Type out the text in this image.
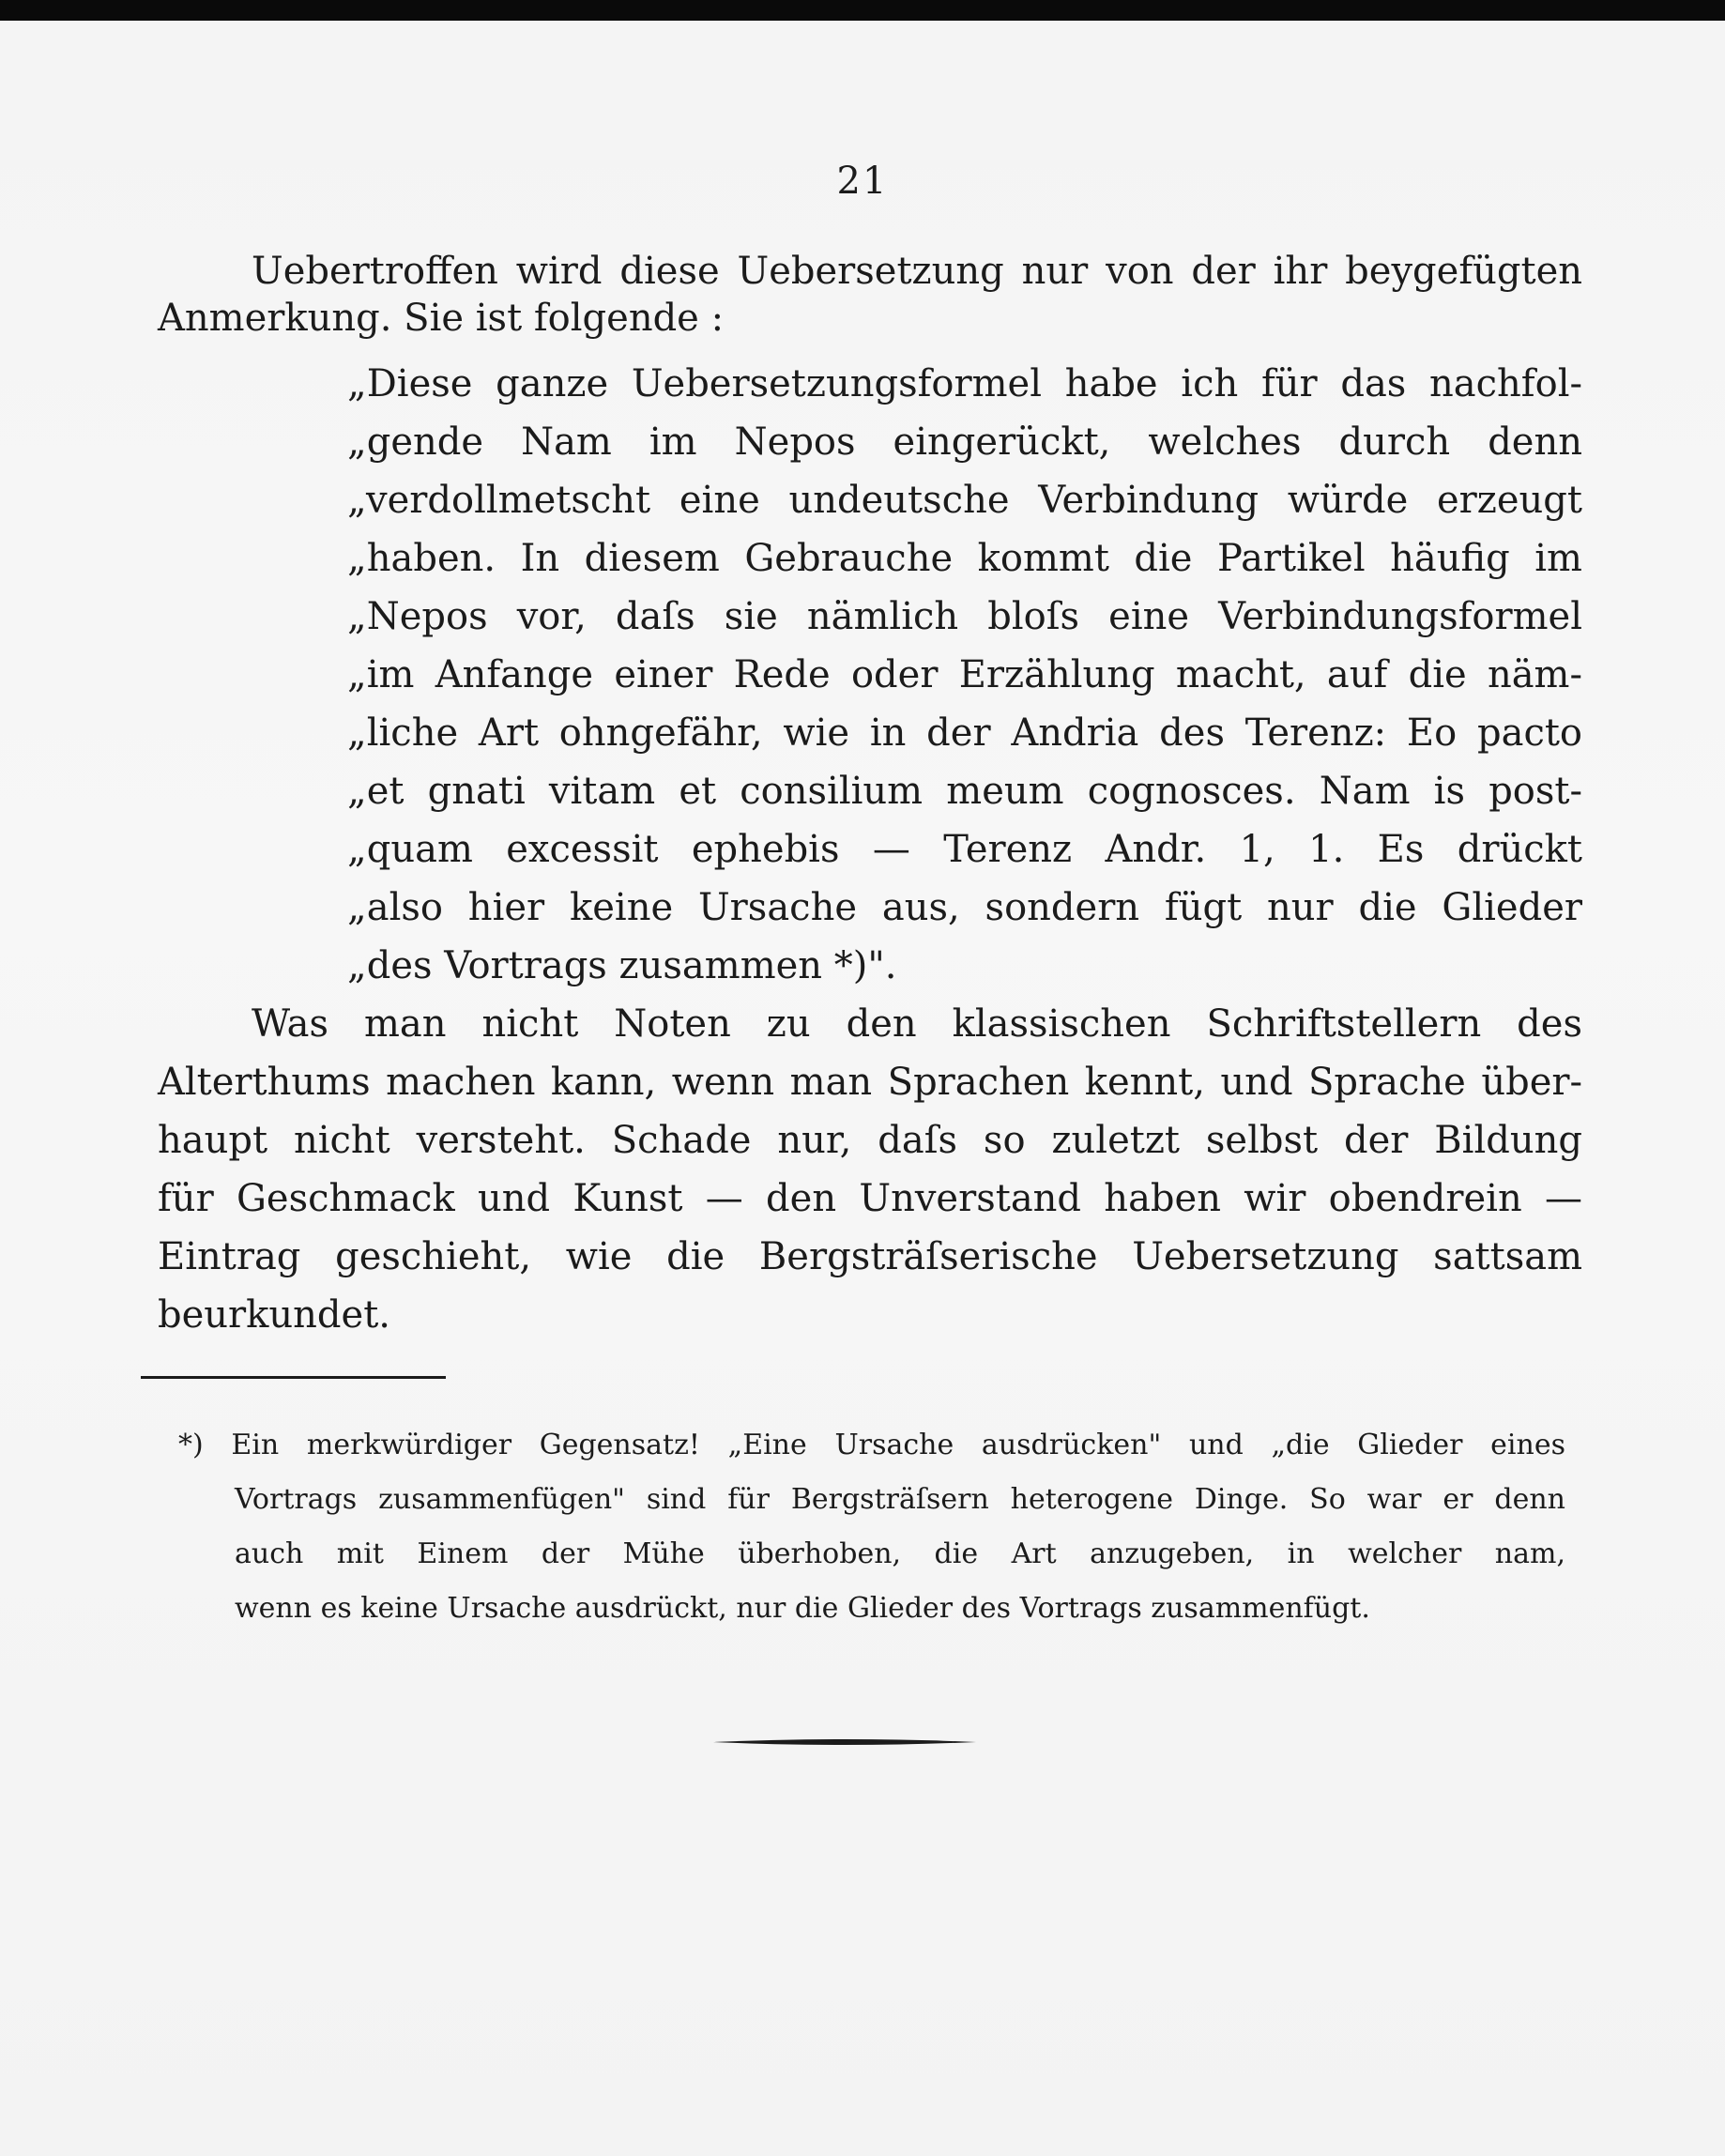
21
Uebertroffen wird diese Uebersetzung nur von der ihr beygefügten
Anmerkung. Sie ist folgende :
„Diese ganze Uebersetzungsformel habe ich für das nachfol-
„gende Nam im Nepos eingerückt, welches durch denn
„verdollmetscht eine undeutsche Verbindung würde erzeugt
„haben. In diesem Gebrauche kommt die Partikel häufig im
„Nepos vor, daſs sie nämlich bloſs eine Verbindungsformel
„im Anfange einer Rede oder Erzählung macht, auf die näm-
„liche Art ohngefähr, wie in der Andria des Terenz: Eo pacto
„et gnati vitam et consilium meum cognosces. Nam is post-
„quam excessit ephebis — Terenz Andr. 1, 1. Es drückt
„also hier keine Ursache aus, sondern fügt nur die Glieder
„des Vortrags zusammen *)".
Was man nicht Noten zu den klassischen Schriftstellern des
Alterthums machen kann, wenn man Sprachen kennt, und Sprache über-
haupt nicht versteht. Schade nur, daſs so zuletzt selbst der Bildung
für Geschmack und Kunst — den Unverstand haben wir obendrein —
Eintrag geschieht, wie die Bergsträſserische Uebersetzung sattsam
beurkundet.
*) Ein merkwürdiger Gegensatz! „Eine Ursache ausdrücken" und „die Glieder eines
Vortrags zusammenfügen" sind für Bergsträſsern heterogene Dinge. So war er denn
auch mit Einem der Mühe überhoben, die Art anzugeben, in welcher nam,
wenn es keine Ursache ausdrückt, nur die Glieder des Vortrags zusammenfügt.
